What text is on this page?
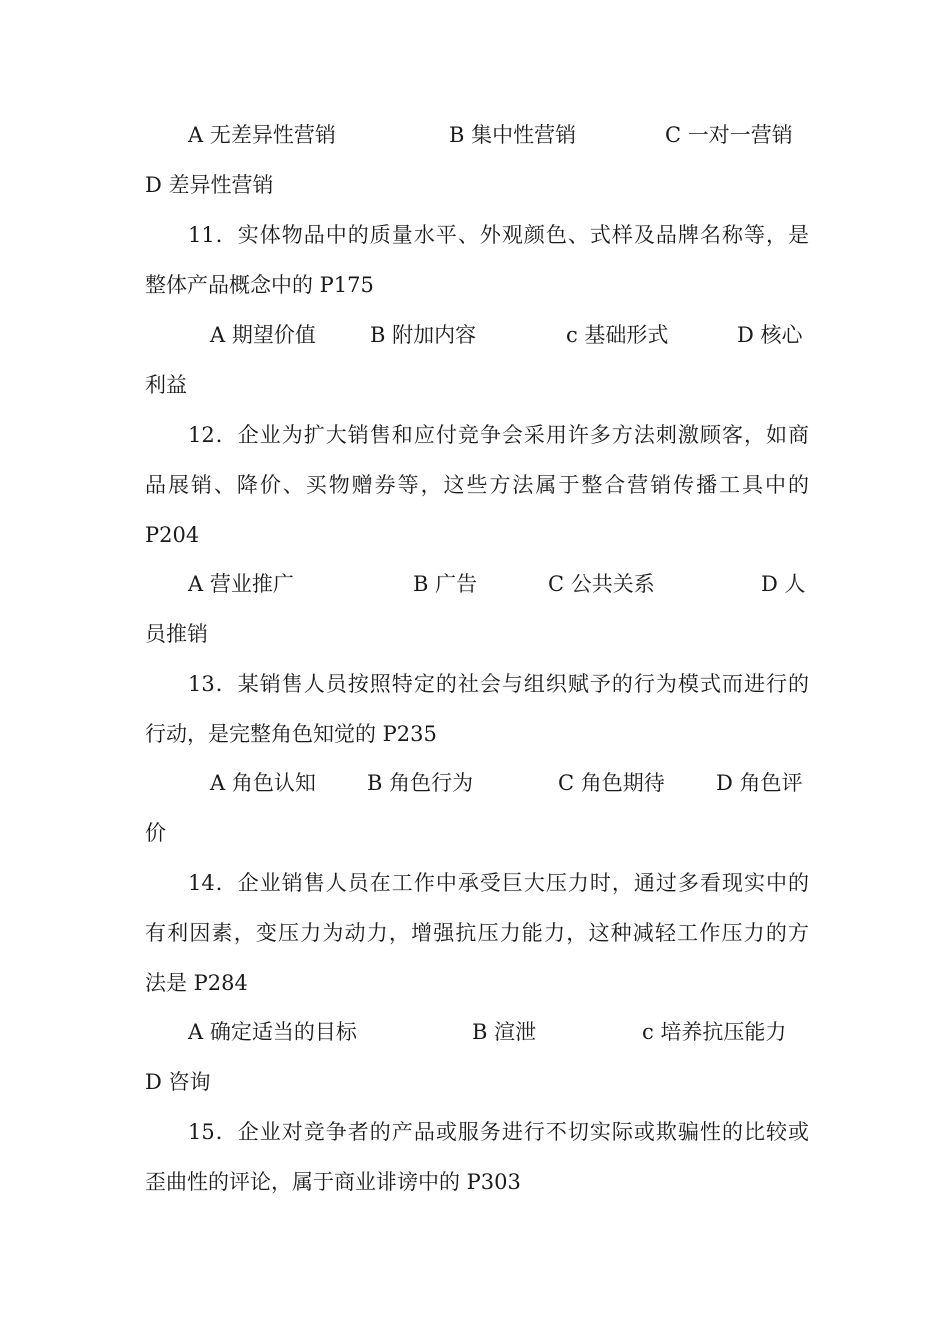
A 无差异性营销	B 集中性营销	C 一对一营销
D 差异性营销
11．实体物品中的质量水平、外观颜色、式样及品牌名称等，是
整体产品概念中的 P175
A 期望价值	B 附加内容	c 基础形式	D 核心
利益
12．企业为扩大销售和应付竞争会采用许多方法刺激顾客，如商
品展销、降价、买物赠券等，这些方法属于整合营销传播工具中的
P204
A 营业推广	B 广告	C 公共关系	D 人
员推销
13．某销售人员按照特定的社会与组织赋予的行为模式而进行的
行动，是完整角色知觉的 P235
A 角色认知 B 角色行为	C 角色期待 D 角色评
价
14．企业销售人员在工作中承受巨大压力时，通过多看现实中的
有利因素，变压力为动力，增强抗压力能力，这种减轻工作压力的方
法是 P284
A 确定适当的目标	B 渲泄	c 培养抗压能力
D 咨询
15．企业对竞争者的产品或服务进行不切实际或欺骗性的比较或
歪曲性的评论，属于商业诽谤中的 P303
